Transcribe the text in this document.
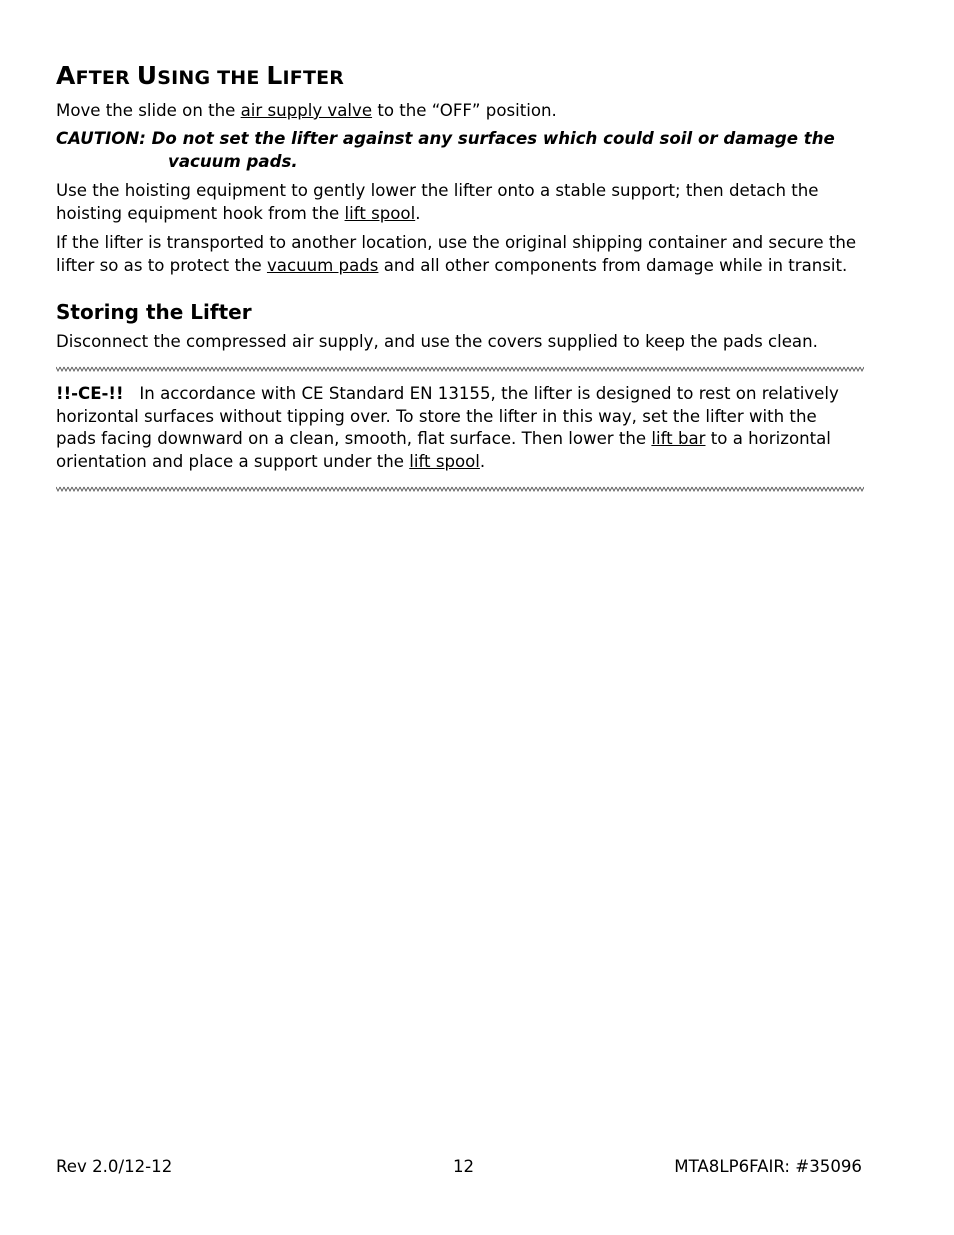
AFTER USING THE LIFTER

Move the slide on the air supply valve to the “OFF” position.

CAUTION: Do not set the lifter against any surfaces which could soil or damage the
vacuum pads.

Use the hoisting equipment to gently lower the lifter onto a stable support; then detach the
hoisting equipment hook from the lift spool.

If the lifter is transported to another location, use the original shipping container and secure the
lifter so as to protect the vacuum pads and all other components from damage while in transit.

Storing the Lifter

Disconnect the compressed air supply, and use the covers supplied to keep the pads clean.

!!-CE-!!   In accordance with CE Standard EN 13155, the lifter is designed to rest on relatively
horizontal surfaces without tipping over. To store the lifter in this way, set the lifter with the
pads facing downward on a clean, smooth, flat surface. Then lower the lift bar to a horizontal
orientation and place a support under the lift spool.

Rev 2.0/12-12	12	MTA8LP6FAIR: #35096
